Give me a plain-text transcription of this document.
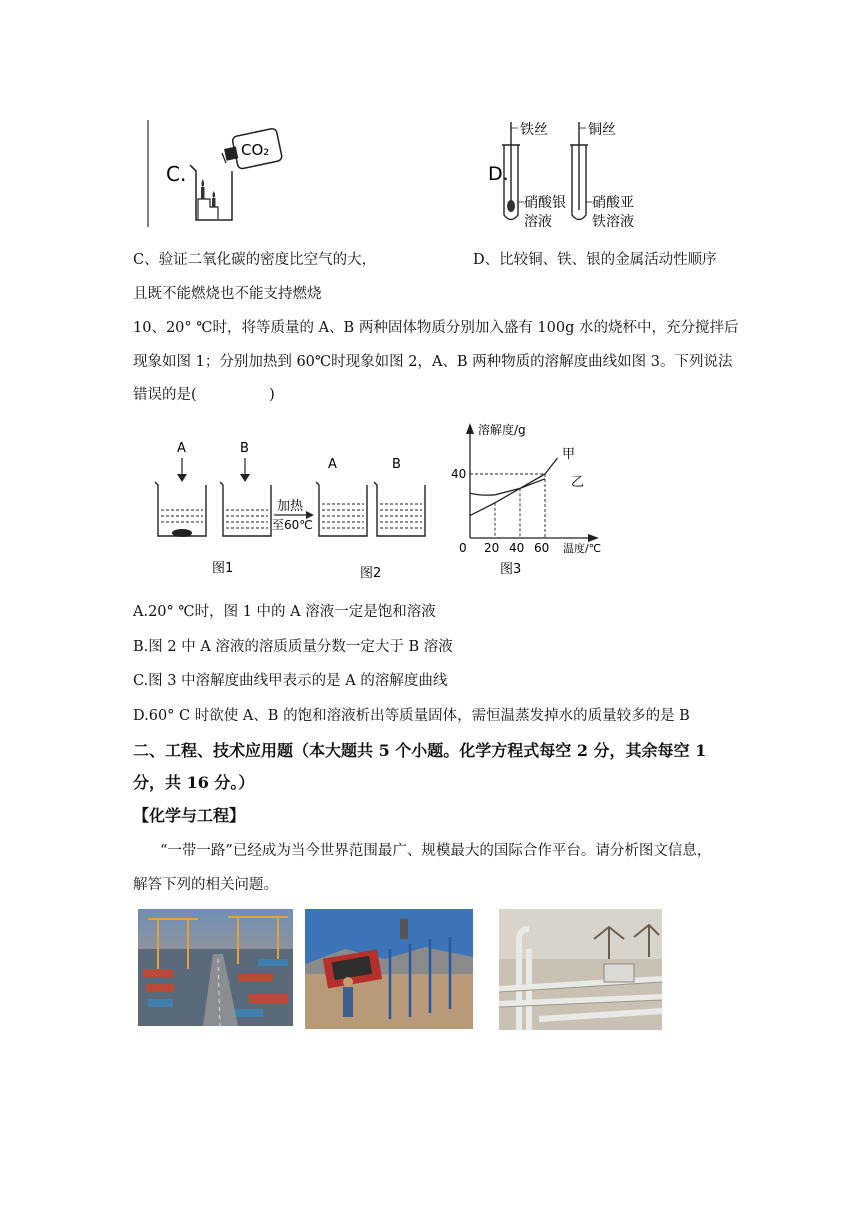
C.
CO₂
D.
铁丝
硝酸银
溶液
铜丝
硝酸亚
铁溶液
C、验证二氧化碳的密度比空气的大，	D、比较铜、铁、银的金属活动性顺序
且既不能燃烧也不能支持燃烧
10、20° ℃时，将等质量的 A、B 两种固体物质分别加入盛有 100g 水的烧杯中，充分搅拌后
现象如图 1；分别加热到 60℃时现象如图 2，A、B 两种物质的溶解度曲线如图 3。下列说法
错误的是(　　　　　)
A	B
加热
至60℃
A	B
图1	图2
溶解度/g
温度/℃
40
0 20 40 60
甲
乙
图3
A.20° ℃时，图 1 中的 A 溶液一定是饱和溶液
B.图 2 中 A 溶液的溶质质量分数一定大于 B 溶液
C.图 3 中溶解度曲线甲表示的是 A 的溶解度曲线
D.60° C 时欲使 A、B 的饱和溶液析出等质量固体，需恒温蒸发掉水的质量较多的是 B
二、工程、技术应用题（本大题共 5 个小题。化学方程式每空 2 分，其余每空 1
分，共 16 分。）
【化学与工程】
“一带一路”已经成为当今世界范围最广、规模最大的国际合作平台。请分析图文信息，
解答下列的相关问题。
